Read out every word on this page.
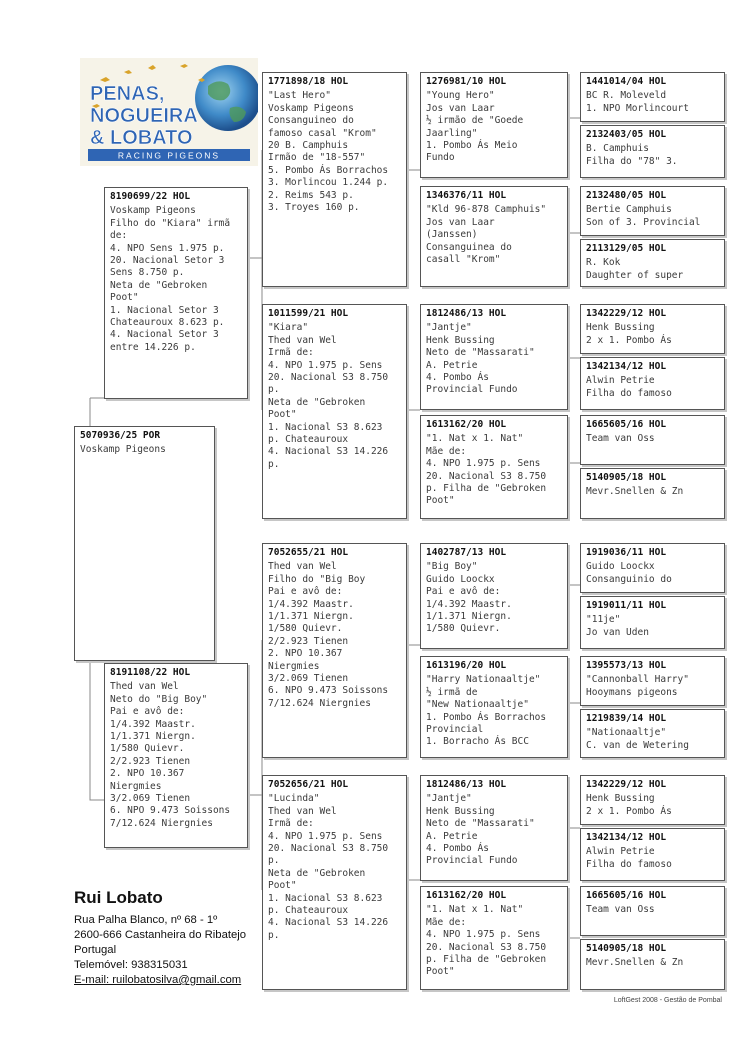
PENAS,
NOGUEIRA
& LOBATO
RACING PIGEONS
5070936/25 POR
Voskamp Pigeons
8190699/22 HOL
Voskamp Pigeons
Filho do "Kiara" irmã
de:
4. NPO Sens 1.975 p.
20. Nacional Setor 3
Sens 8.750 p.
Neta de "Gebroken
Poot"
1. Nacional Setor 3
Chateauroux 8.623 p.
4. Nacional Setor 3
entre 14.226 p.
8191108/22 HOL
Thed van Wel
Neto do "Big Boy"
Pai e avô de:
1/4.392 Maastr.
1/1.371 Niergn.
1/580 Quievr.
2/2.923 Tienen
2. NPO 10.367
Niergmies
3/2.069 Tienen
6. NPO 9.473 Soissons
7/12.624 Niergnies
1771898/18 HOL
"Last Hero"
Voskamp Pigeons
Consanguineo do
famoso casal "Krom"
20 B. Camphuis
Irmão de "18-557"
5. Pombo Ás Borrachos
3. Morlincou 1.244 p.
2. Reims 543 p.
3. Troyes 160 p.
1011599/21 HOL
"Kiara"
Thed van Wel
Irmã de:
4. NPO 1.975 p. Sens
20. Nacional S3 8.750
p.
Neta de "Gebroken
Poot"
1. Nacional S3 8.623
p. Chateauroux
4. Nacional S3 14.226
p.
7052655/21 HOL
Thed van Wel
Filho do "Big Boy
Pai e avô de:
1/4.392 Maastr.
1/1.371 Niergn.
1/580 Quievr.
2/2.923 Tienen
2. NPO 10.367
Niergmies
3/2.069 Tienen
6. NPO 9.473 Soissons
7/12.624 Niergnies
7052656/21 HOL
"Lucinda"
Thed van Wel
Irmã de:
4. NPO 1.975 p. Sens
20. Nacional S3 8.750
p.
Neta de "Gebroken
Poot"
1. Nacional S3 8.623
p. Chateauroux
4. Nacional S3 14.226
p.
1276981/10 HOL
"Young Hero"
Jos van Laar
½ irmão de "Goede
Jaarling"
1. Pombo Ás Meio
Fundo
1346376/11 HOL
"Kld 96-878 Camphuis"
Jos van Laar
(Janssen)
Consanguinea do
casall "Krom"
1812486/13 HOL
"Jantje"
Henk Bussing
Neto de "Massarati"
A. Petrie
4. Pombo Ás
Provincial Fundo
1613162/20 HOL
"1. Nat x 1. Nat"
Mãe de:
4. NPO 1.975 p. Sens
20. Nacional S3 8.750
p. Filha de "Gebroken
Poot"
1402787/13 HOL
"Big Boy"
Guido Loockx
Pai e avô de:
1/4.392 Maastr.
1/1.371 Niergn.
1/580 Quievr.
1613196/20 HOL
"Harry Nationaaltje"
½ irmã de
"New Nationaaltje"
1. Pombo Ás Borrachos
Provincial
1. Borracho Ás BCC
1812486/13 HOL
"Jantje"
Henk Bussing
Neto de "Massarati"
A. Petrie
4. Pombo Ás
Provincial Fundo
1613162/20 HOL
"1. Nat x 1. Nat"
Mãe de:
4. NPO 1.975 p. Sens
20. Nacional S3 8.750
p. Filha de "Gebroken
Poot"
1441014/04 HOL
BC R. Moleveld
1. NPO Morlincourt
2132403/05 HOL
B. Camphuis
Filha do "78" 3.
2132480/05 HOL
Bertie Camphuis
Son of 3. Provincial
2113129/05 HOL
R. Kok
Daughter of super
1342229/12 HOL
Henk Bussing
2 x 1. Pombo Ás
1342134/12 HOL
Alwin Petrie
Filha do famoso
1665605/16 HOL
Team van Oss
5140905/18 HOL
Mevr.Snellen & Zn
1919036/11 HOL
Guido Loockx
Consanguinio do
1919011/11 HOL
"11je"
Jo van Uden
1395573/13 HOL
"Cannonball Harry"
Hooymans pigeons
1219839/14 HOL
"Nationaaltje"
C. van de Wetering
1342229/12 HOL
Henk Bussing
2 x 1. Pombo Ás
1342134/12 HOL
Alwin Petrie
Filha do famoso
1665605/16 HOL
Team van Oss
5140905/18 HOL
Mevr.Snellen & Zn
Rui Lobato
Rua Palha Blanco, nº 68 - 1º
2600-666 Castanheira do Ribatejo
Portugal
Telemóvel: 938315031
E-mail: ruilobatosilva@gmail.com
LoftGest 2008 - Gestão de Pombal
